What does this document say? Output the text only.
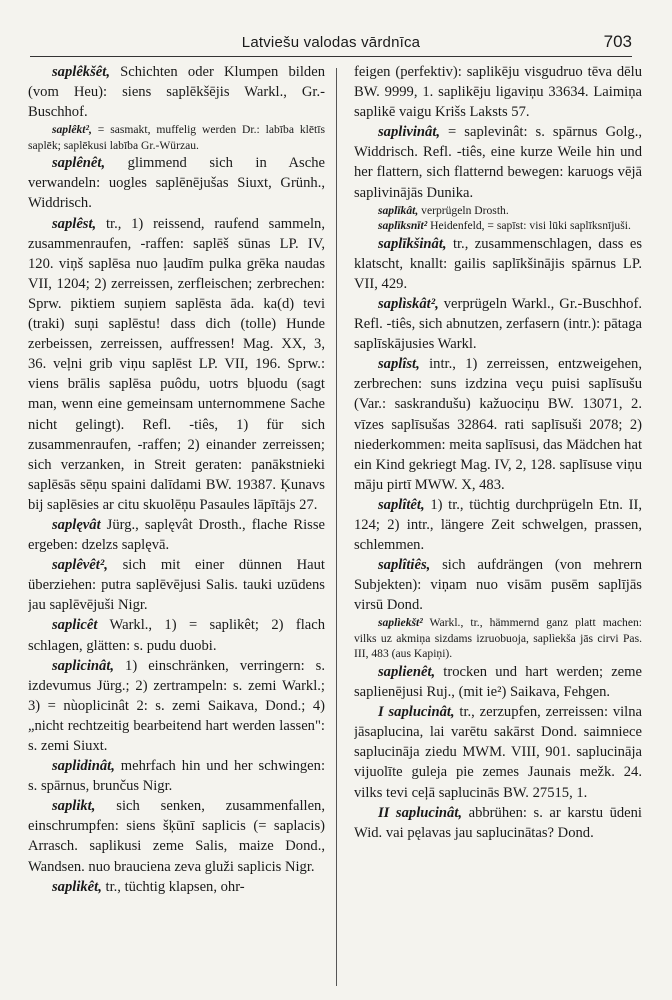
Latviešu valodas vārdnīca	703

saplêkšêt, Schichten oder Klumpen bilden (vom Heu): siens saplēkšējis Warkl., Gr.-Buschhof.

saplêkt², = sasmakt, muffelig werden Dr.: labība klētīs saplēk; saplēkusi labība Gr.-Würzau.

saplênêt, glimmend sich in Asche verwandeln: uogles saplēnējušas Siuxt, Grünh., Widdrisch.

saplêst, tr., 1) reissend, raufend sammeln, zusammenraufen, -raffen: saplēš sūnas LP. IV, 120. viņš saplēsa nuo ļaudīm pulka grēka naudas VII, 1204; 2) zerreissen, zerfleischen; zerbrechen: Sprw. piktiem suņiem saplēsta āda. ka(d) tevi (traki) suņi saplēstu! dass dich (tolle) Hunde zerbeissen, zerreissen, auffressen! Mag. XX, 3, 36. veļni grib viņu saplēst LP. VII, 196. Sprw.: viens brālis saplēsa puôdu, uotrs bļuodu (sagt man, wenn eine gemeinsam unternommene Sache nicht gelingt). Refl. -tiês, 1) für sich zusammenraufen, -raffen; 2) einander zerreissen; sich verzanken, in Streit geraten: panākstnieki saplēsās sēņu spaini dalīdami BW. 19387. Ķunavs bij saplēsies ar citu skuolēņu Pasaules lāpītājs 27.

saplęvât Jürg., saplęvât Drosth., flache Risse ergeben: dzelzs saplęvā.

saplêvêt², sich mit einer dünnen Haut überziehen: putra saplēvējusi Salis. tauki uzūdens jau saplēvējuši Nigr.

saplicêt Warkl., 1) = saplikêt; 2) flach schlagen, glätten: s. pudu duobi.

saplicinât, 1) einschränken, verringern: s. izdevumus Jürg.; 2) zertrampeln: s. zemi Warkl.; 3) = nùoplicinât 2: s. zemi Saikava, Dond.; 4) „nicht rechtzeitig bearbeitend hart werden lassen": s. zemi Siuxt.

saplidinât, mehrfach hin und her schwingen: s. spārnus, brunčus Nigr.

saplikt, sich senken, zusammenfallen, einschrumpfen: siens šķūnī saplicis (= saplacis) Arrasch. saplikusi zeme Salis, maize Dond., Wandsen. nuo brauciena zeva gluži saplicis Nigr.

saplikêt, tr., tüchtig klapsen, ohr-

feigen (perfektiv): saplikēju visgudruo tēva dēlu BW. 9999, 1. saplikēju ligaviņu 33634. Laimiņa saplikē vaigu Krišs Laksts 57.

saplivinât, = saplevinât: s. spārnus Golg., Widdrisch. Refl. -tiês, eine kurze Weile hin und her flattern, sich flatternd bewegen: karuogs vējā saplivinājās Dunika.

saplīkât, verprügeln Drosth.

saplīksnīt² Heidenfeld, = sapīst: visi lūki saplīksnījuši.

saplīkšinât, tr., zusammenschlagen, dass es klatscht, knallt: gailis saplīkšinājis spārnus LP. VII, 429.

saplìskât², verprügeln Warkl., Gr.-Buschhof. Refl. -tiês, sich abnutzen, zerfasern (intr.): pātaga saplīskājusies Warkl.

saplîst, intr., 1) zerreissen, entzweigehen, zerbrechen: suns izdzina veçu puisi saplīsušu (Var.: saskrandušu) kažuociņu BW. 13071, 2. vīzes saplīsušas 32864. rati saplīsuši 2078; 2) niederkommen: meita saplīsusi, das Mädchen hat ein Kind gekriegt Mag. IV, 2, 128. saplīsuse viņu māju pirtī MWW. X, 483.

saplîtêt, 1) tr., tüchtig durchprügeln Etn. II, 124; 2) intr., längere Zeit schwelgen, prassen, schlemmen.

saplîtiês, sich aufdrängen (von mehrern Subjekten): viņam nuo visām pusēm saplījās virsū Dond.

saplìekšt² Warkl., tr., hämmernd ganz platt machen: vilks uz akmiņa sizdams izruobuoja, saplìekša jās cirvi Pas. III, 483 (aus Kapiņi).

saplienêt, trocken und hart werden; zeme saplienējusi Ruj., (mit ie²) Saikava, Fehgen.

I saplucinât, tr., zerzupfen, zerreissen: vilna jāsaplucina, lai varētu sakārst Dond. saimniece saplucināja ziedu MWM. VIII, 901. saplucināja vijuolīte guleja pie zemes Jaunais mežk. 24. vilks tevi ceļā saplucinās BW. 27515, 1.

II saplucinât, abbrühen: s. ar karstu ūdeni Wid. vai pęlavas jau saplucinātas? Dond.
